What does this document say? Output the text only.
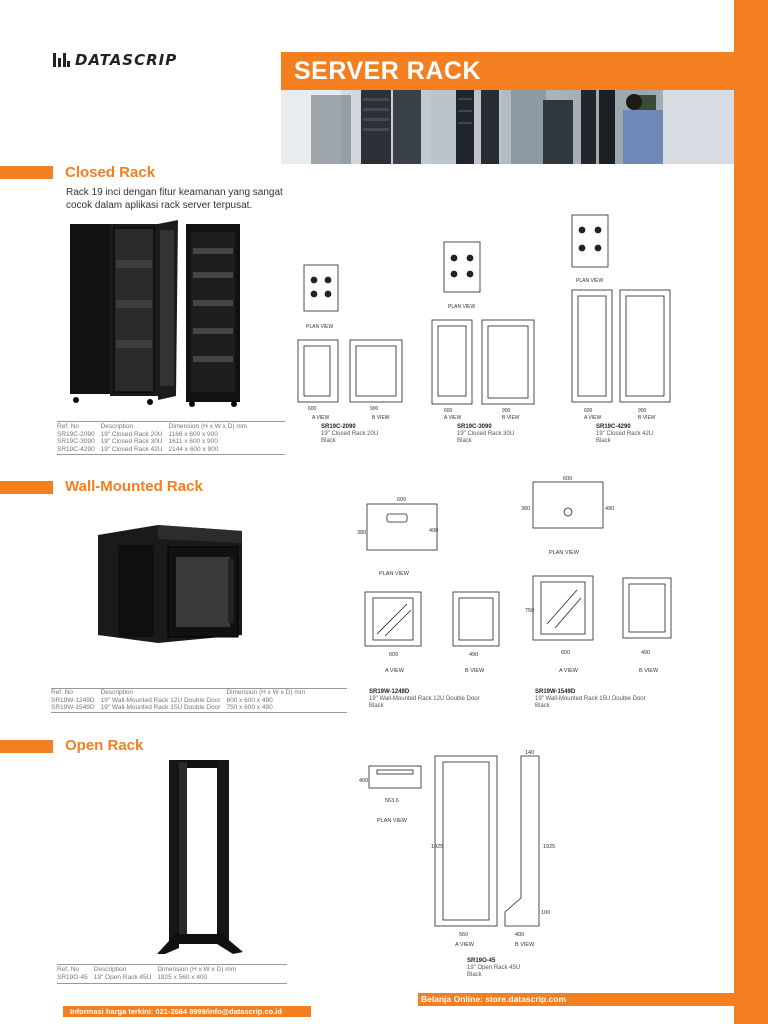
DATASCRIP	SERVER RACK
Closed Rack
Rack 19 inci dengan fitur keamanan yang sangat cocok dalam aplikasi rack server terpusat.
Ref. No	Description	Dimension (H x W x D) mm
SR19C-2090	19" Closed Rack 20U	1166 x 600 x 900
SR19C-3090	19" Closed Rack 30U	1611 x 600 x 900
SR19C-4290	19" Closed Rack 42U	2144 x 600 x 900
PLAN VIEW
A VIEW	B VIEW
PLAN VIEW
A VIEW	B VIEW
PLAN VIEW
A VIEW	B VIEW
600	900	600	900	600	900
SR19C-2090
19" Closed Rack 20U
Black
SR19C-3090
19" Closed Rack 30U
Black
SR19C-4290
19" Closed Rack 42U
Black
Wall-Mounted Rack
Ref. No	Description	Dimension (H x W x D) mm
SR19W-1249D	19" Wall-Mounted Rack 12U Double Door	600 x 600 x 490
SR19W-1549D	19" Wall-Mounted Rack 15U Double Door	750 x 600 x 490
600
380	490
PLAN VIEW
600	490
A VIEW	B VIEW
600
380	490
PLAN VIEW
750
600	490
A VIEW	B VIEW
SR19W-1249D
19" Wall-Mounted Rack 12U Double Door
Black
SR19W-1549D
19" Wall-Mounted Rack 15U Double Door
Black
Open Rack
Ref. No	Description	Dimension (H x W x D) mm
SR19O-45	19" Open Rack 45U	1925 x 560 x 400
400
563.6
PLAN VIEW
1925
560
A VIEW
140
1925
100
400
B VIEW
SR19O-45
19" Open Rack 45U
Black
Belanja Online: store.datascrip.com
Informasi harga terkini: 021-2664 8999/info@datascrip.co.id
